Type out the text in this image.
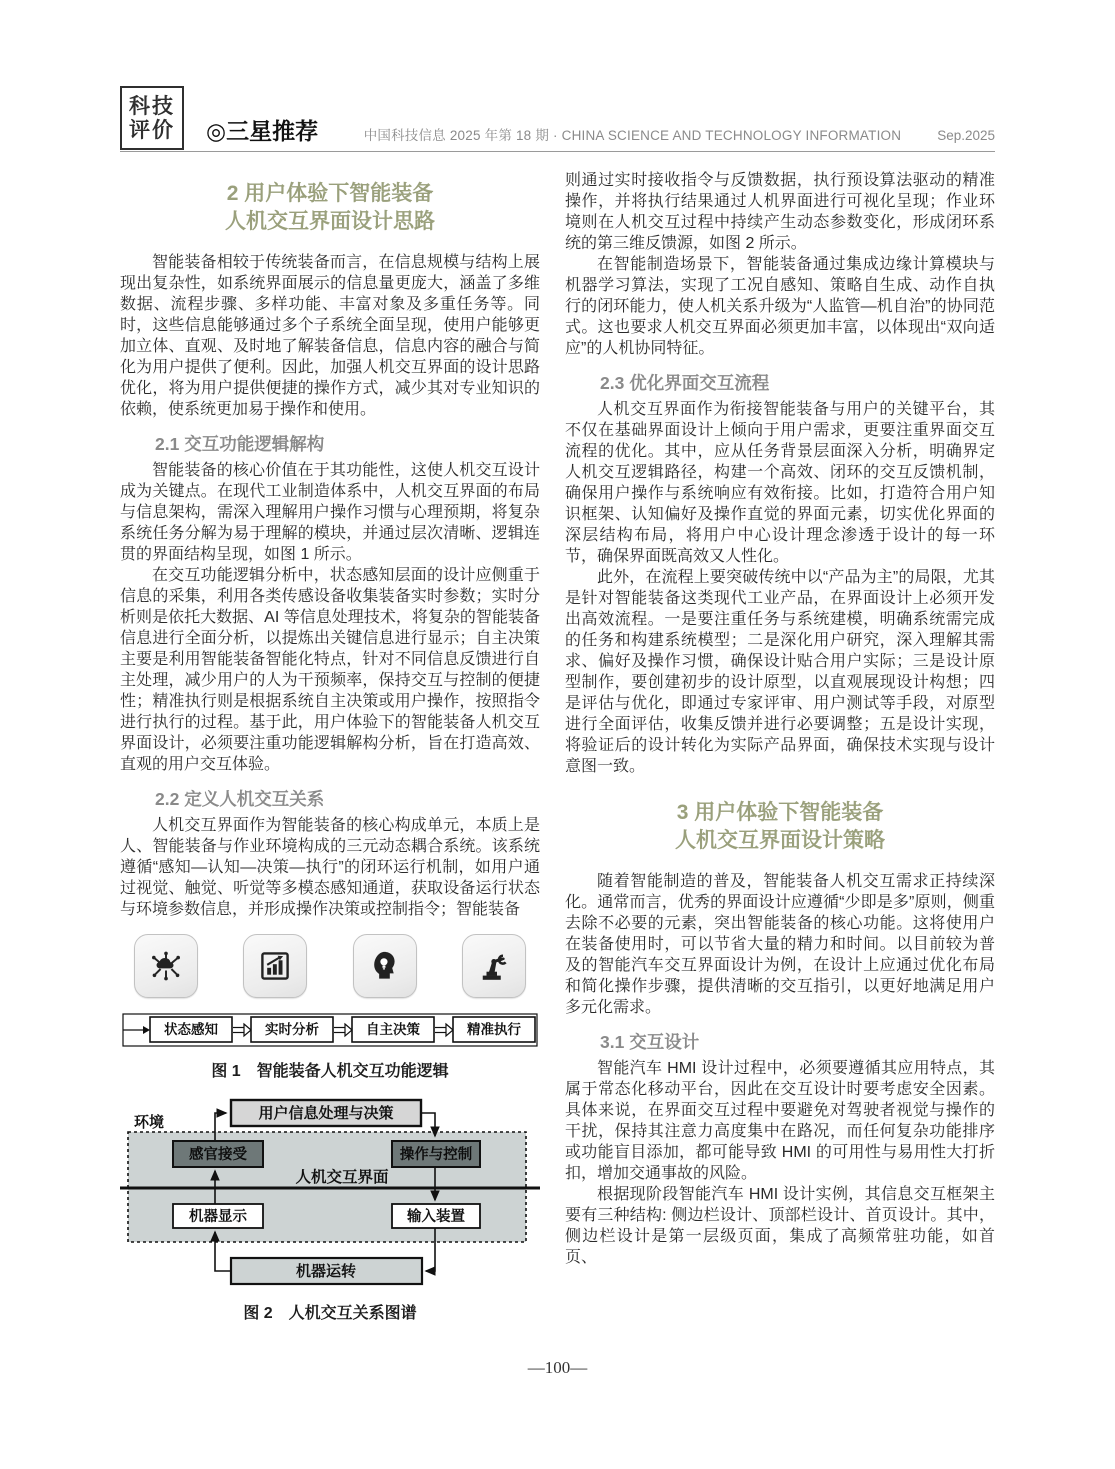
科技
评价 ◎三星推荐	中国科技信息 2025 年第 18 期 · CHINA SCIENCE AND TECHNOLOGY INFORMATION	Sep.2025
2 用户体验下智能装备
人机交互界面设计思路

智能装备相较于传统装备而言，在信息规模与结构上展现出复杂性，如系统界面展示的信息量更庞大，涵盖了多维数据、流程步骤、多样功能、丰富对象及多重任务等。同时，这些信息能够通过多个子系统全面呈现，使用户能够更加立体、直观、及时地了解装备信息，信息内容的融合与简化为用户提供了便利。因此，加强人机交互界面的设计思路优化，将为用户提供便捷的操作方式，减少其对专业知识的依赖，使系统更加易于操作和使用。

2.1 交互功能逻辑解构

智能装备的核心价值在于其功能性，这使人机交互设计成为关键点。在现代工业制造体系中，人机交互界面的布局与信息架构，需深入理解用户操作习惯与心理预期，将复杂系统任务分解为易于理解的模块，并通过层次清晰、逻辑连贯的界面结构呈现，如图 1 所示。

在交互功能逻辑分析中，状态感知层面的设计应侧重于信息的采集，利用各类传感设备收集装备实时参数；实时分析则是依托大数据、AI 等信息处理技术，将复杂的智能装备信息进行全面分析，以提炼出关键信息进行显示；自主决策主要是利用智能装备智能化特点，针对不同信息反馈进行自主处理，减少用户的人为干预频率，保持交互与控制的便捷性；精准执行则是根据系统自主决策或用户操作，按照指令进行执行的过程。基于此，用户体验下的智能装备人机交互界面设计，必须要注重功能逻辑解构分析，旨在打造高效、直观的用户交互体验。

2.2 定义人机交互关系

人机交互界面作为智能装备的核心构成单元，本质上是人、智能装备与作业环境构成的三元动态耦合系统。该系统遵循“感知—认知—决策—执行”的闭环运行机制，如用户通过视觉、触觉、听觉等多模态感知通道，获取设备运行状态与环境参数信息，并形成操作决策或控制指令；智能装备

状态感知	实时分析	自主决策	精准执行
图 1　智能装备人机交互功能逻辑
环境
人机交互界面
用户信息处理与决策
感官接受	操作与控制
机器显示	输入装置
机器运转
图 2　人机交互关系图谱

则通过实时接收指令与反馈数据，执行预设算法驱动的精准操作，并将执行结果通过人机界面进行可视化呈现；作业环境则在人机交互过程中持续产生动态参数变化，形成闭环系统的第三维反馈源，如图 2 所示。

在智能制造场景下，智能装备通过集成边缘计算模块与机器学习算法，实现了工况自感知、策略自生成、动作自执行的闭环能力，使人机关系升级为“人监管—机自治”的协同范式。这也要求人机交互界面必须更加丰富，以体现出“双向适应”的人机协同特征。

2.3 优化界面交互流程

人机交互界面作为衔接智能装备与用户的关键平台，其不仅在基础界面设计上倾向于用户需求，更要注重界面交互流程的优化。其中，应从任务背景层面深入分析，明确界定人机交互逻辑路径，构建一个高效、闭环的交互反馈机制，确保用户操作与系统响应有效衔接。比如，打造符合用户知识框架、认知偏好及操作直觉的界面元素，切实优化界面的深层结构布局，将用户中心设计理念渗透于设计的每一环节，确保界面既高效又人性化。

此外，在流程上要突破传统中以“产品为主”的局限，尤其是针对智能装备这类现代工业产品，在界面设计上必须开发出高效流程。一是要注重任务与系统建模，明确系统需完成的任务和构建系统模型；二是深化用户研究，深入理解其需求、偏好及操作习惯，确保设计贴合用户实际；三是设计原型制作，要创建初步的设计原型，以直观展现设计构想；四是评估与优化，即通过专家评审、用户测试等手段，对原型进行全面评估，收集反馈并进行必要调整；五是设计实现，将验证后的设计转化为实际产品界面，确保技术实现与设计意图一致。

3 用户体验下智能装备
人机交互界面设计策略

随着智能制造的普及，智能装备人机交互需求正持续深化。通常而言，优秀的界面设计应遵循“少即是多”原则，侧重去除不必要的元素，突出智能装备的核心功能。这将使用户在装备使用时，可以节省大量的精力和时间。以目前较为普及的智能汽车交互界面设计为例，在设计上应通过优化布局和简化操作步骤，提供清晰的交互指引，以更好地满足用户多元化需求。

3.1 交互设计

智能汽车 HMI 设计过程中，必须要遵循其应用特点，其属于常态化移动平台，因此在交互设计时要考虑安全因素。具体来说，在界面交互过程中要避免对驾驶者视觉与操作的干扰，保持其注意力高度集中在路况，而任何复杂功能排序或功能盲目添加，都可能导致 HMI 的可用性与易用性大打折扣，增加交通事故的风险。

根据现阶段智能汽车 HMI 设计实例，其信息交互框架主要有三种结构: 侧边栏设计、顶部栏设计、首页设计。其中，侧边栏设计是第一层级页面，集成了高频常驻功能，如首页、

—100—
